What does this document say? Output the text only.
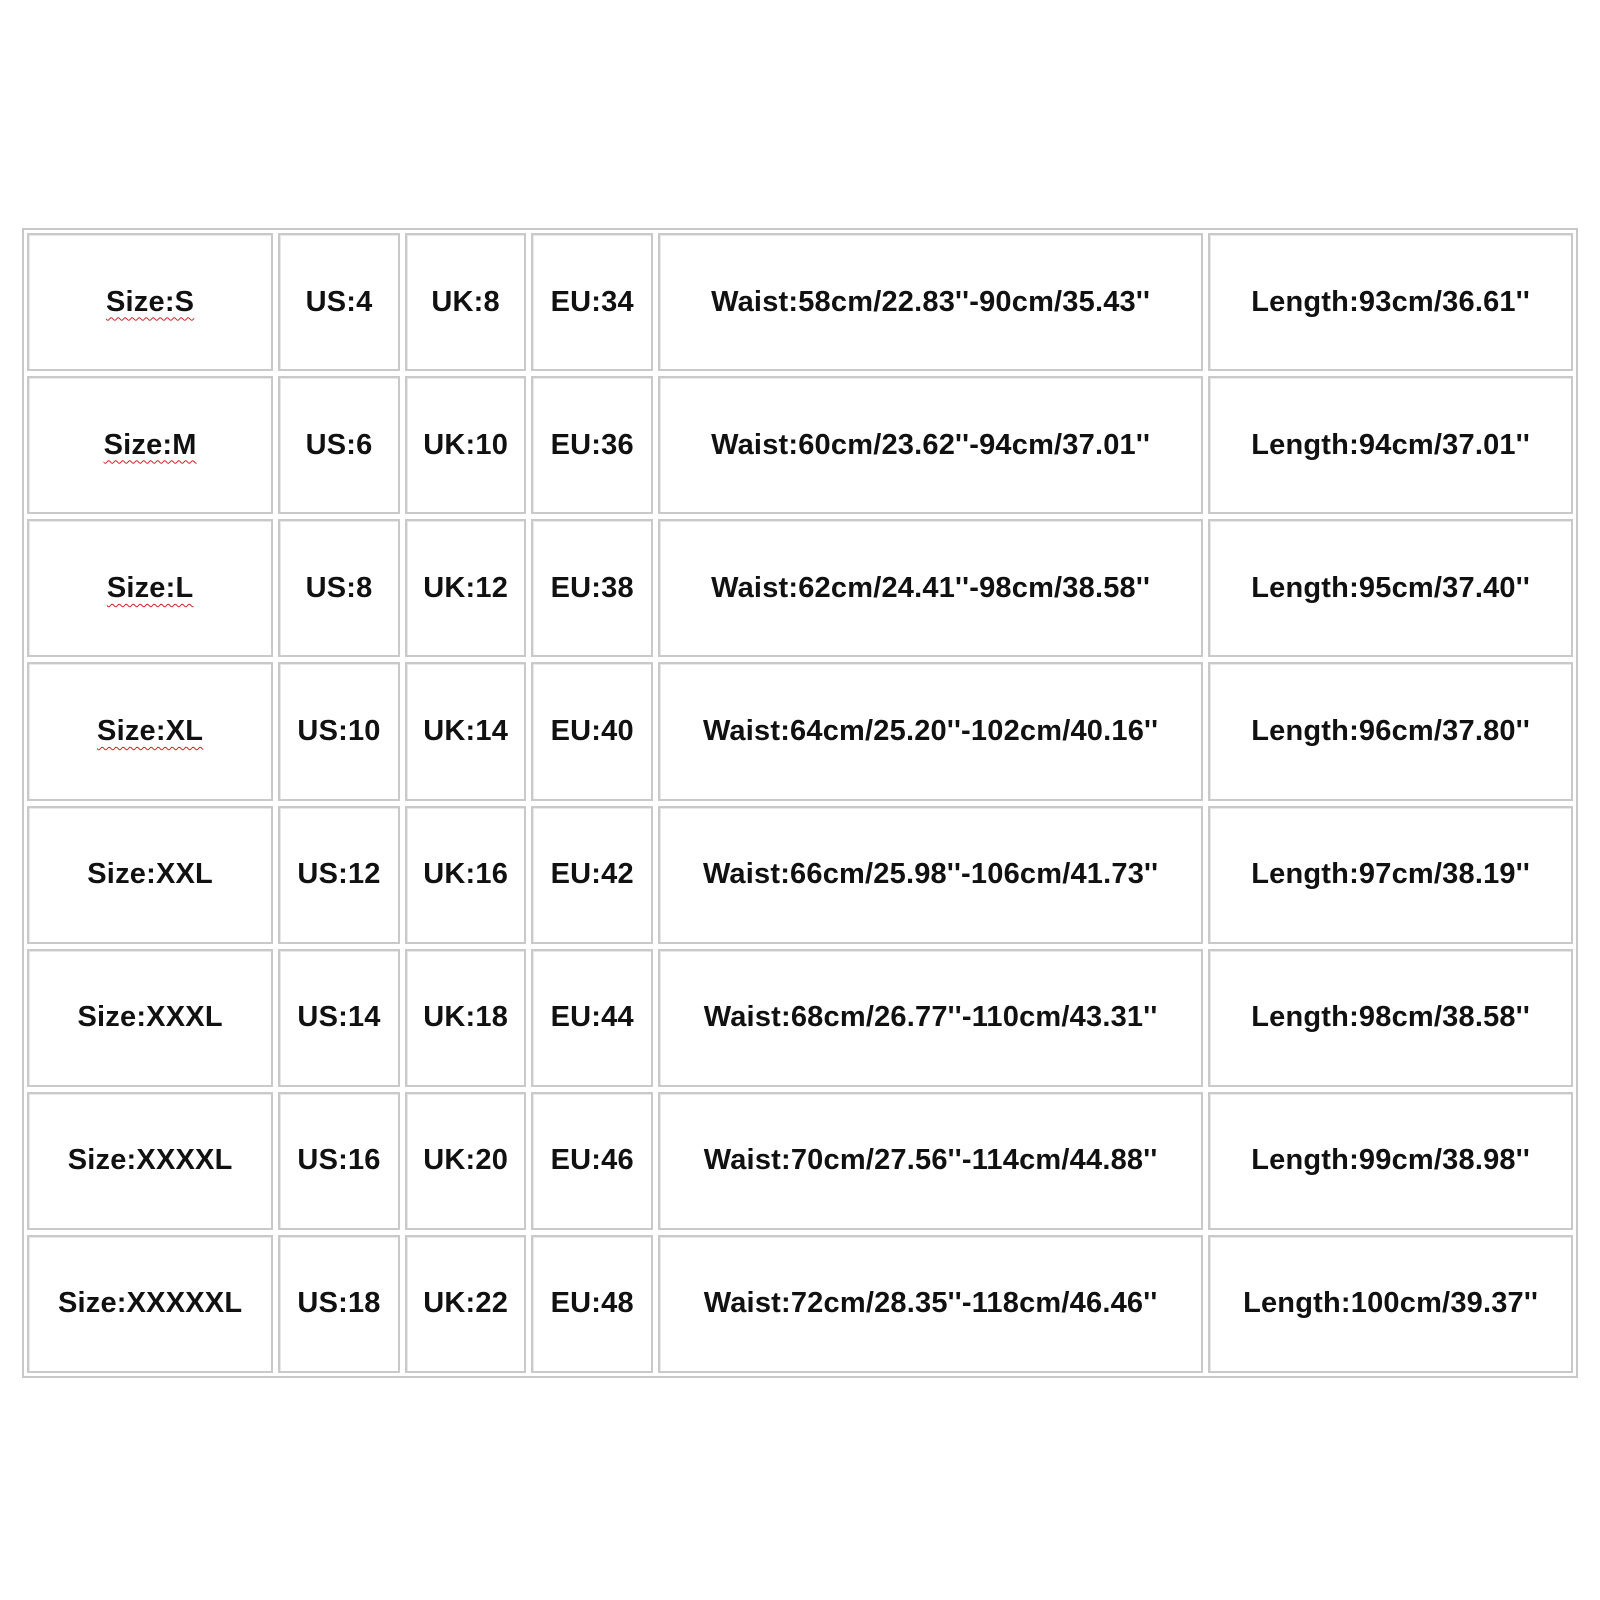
Size:S	US:4	UK:8	EU:34	Waist:58cm/22.83''-90cm/35.43''	Length:93cm/36.61''
Size:M	US:6	UK:10	EU:36	Waist:60cm/23.62''-94cm/37.01''	Length:94cm/37.01''
Size:L	US:8	UK:12	EU:38	Waist:62cm/24.41''-98cm/38.58''	Length:95cm/37.40''
Size:XL	US:10	UK:14	EU:40	Waist:64cm/25.20''-102cm/40.16''	Length:96cm/37.80''
Size:XXL	US:12	UK:16	EU:42	Waist:66cm/25.98''-106cm/41.73''	Length:97cm/38.19''
Size:XXXL	US:14	UK:18	EU:44	Waist:68cm/26.77''-110cm/43.31''	Length:98cm/38.58''
Size:XXXXL	US:16	UK:20	EU:46	Waist:70cm/27.56''-114cm/44.88''	Length:99cm/38.98''
Size:XXXXXL	US:18	UK:22	EU:48	Waist:72cm/28.35''-118cm/46.46''	Length:100cm/39.37''
